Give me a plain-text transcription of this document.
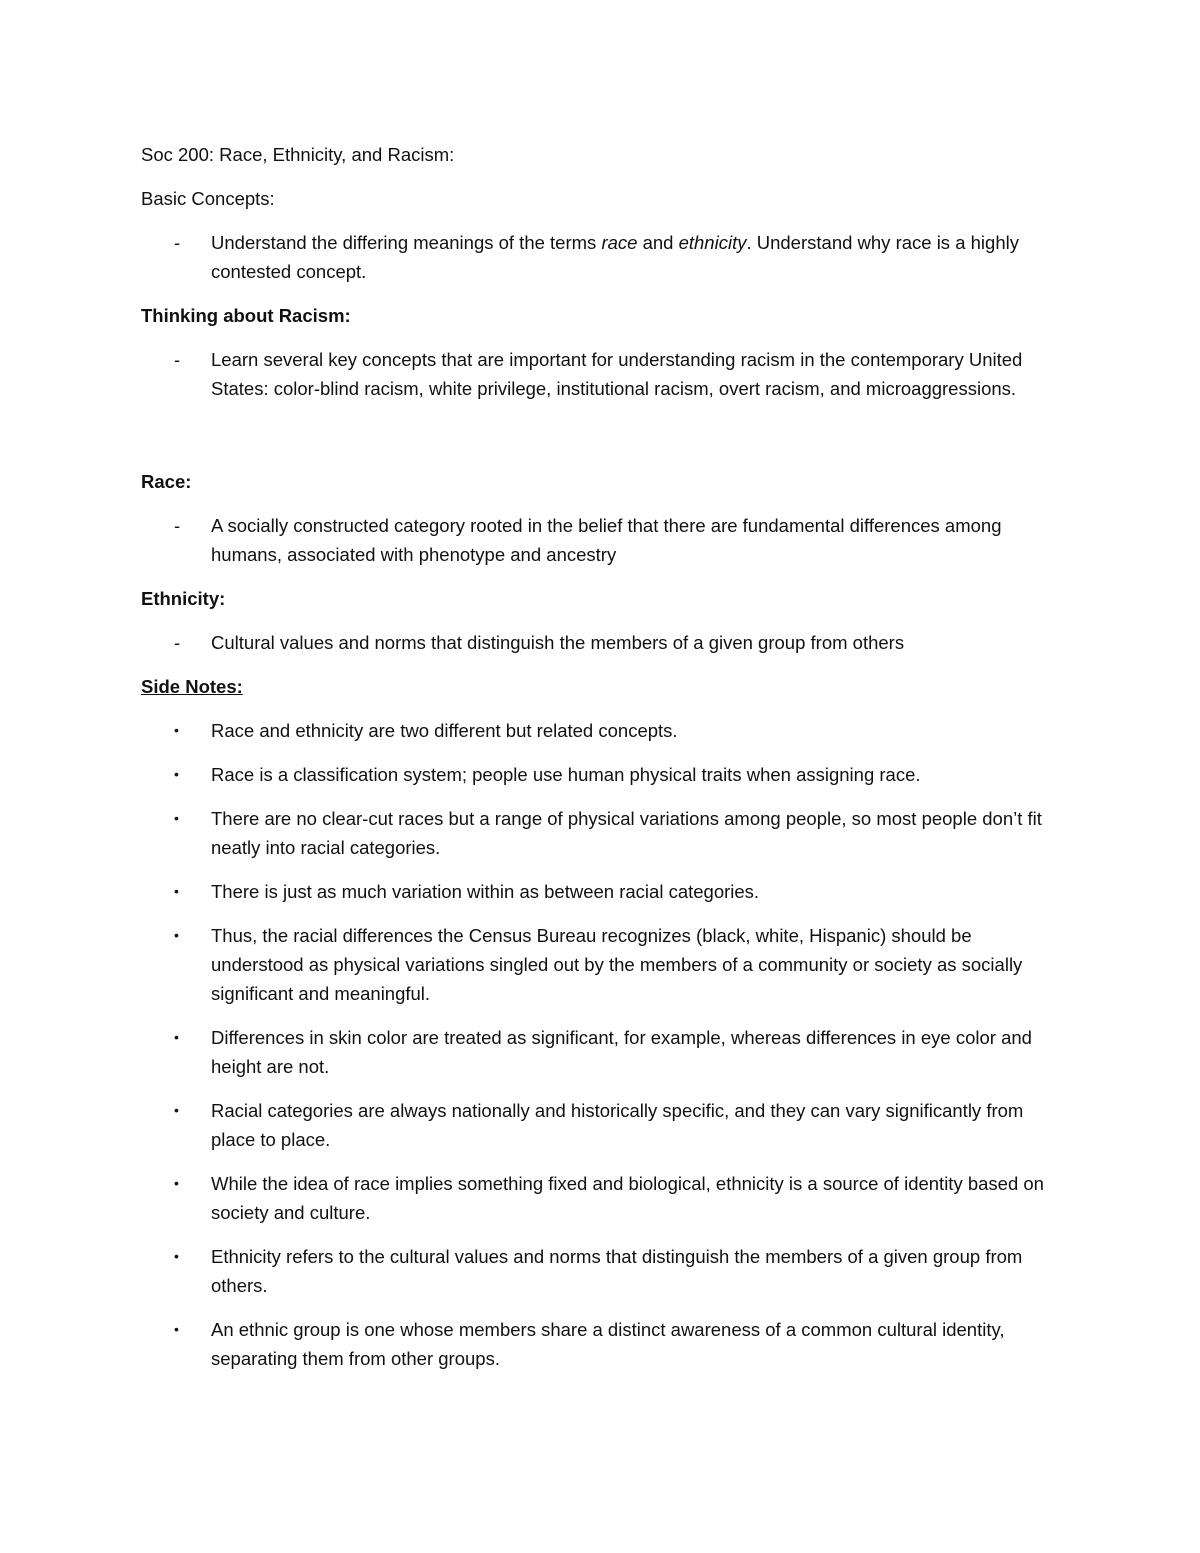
Soc 200: Race, Ethnicity, and Racism:

Basic Concepts:

- Understand the differing meanings of the terms race and ethnicity. Understand why race is a highly contested concept.

Thinking about Racism:

- Learn several key concepts that are important for understanding racism in the contemporary United States: color-blind racism, white privilege, institutional racism, overt racism, and microaggressions.

Race:

- A socially constructed category rooted in the belief that there are fundamental differences among humans, associated with phenotype and ancestry

Ethnicity:

- Cultural values and norms that distinguish the members of a given group from others

Side Notes:

• Race and ethnicity are two different but related concepts.
• Race is a classification system; people use human physical traits when assigning race.
• There are no clear-cut races but a range of physical variations among people, so most people don’t fit neatly into racial categories.
• There is just as much variation within as between racial categories.
• Thus, the racial differences the Census Bureau recognizes (black, white, Hispanic) should be understood as physical variations singled out by the members of a community or society as socially significant and meaningful.
• Differences in skin color are treated as significant, for example, whereas differences in eye color and height are not.
• Racial categories are always nationally and historically specific, and they can vary significantly from place to place.
• While the idea of race implies something fixed and biological, ethnicity is a source of identity based on society and culture.
• Ethnicity refers to the cultural values and norms that distinguish the members of a given group from others.
• An ethnic group is one whose members share a distinct awareness of a common cultural identity, separating them from other groups.
